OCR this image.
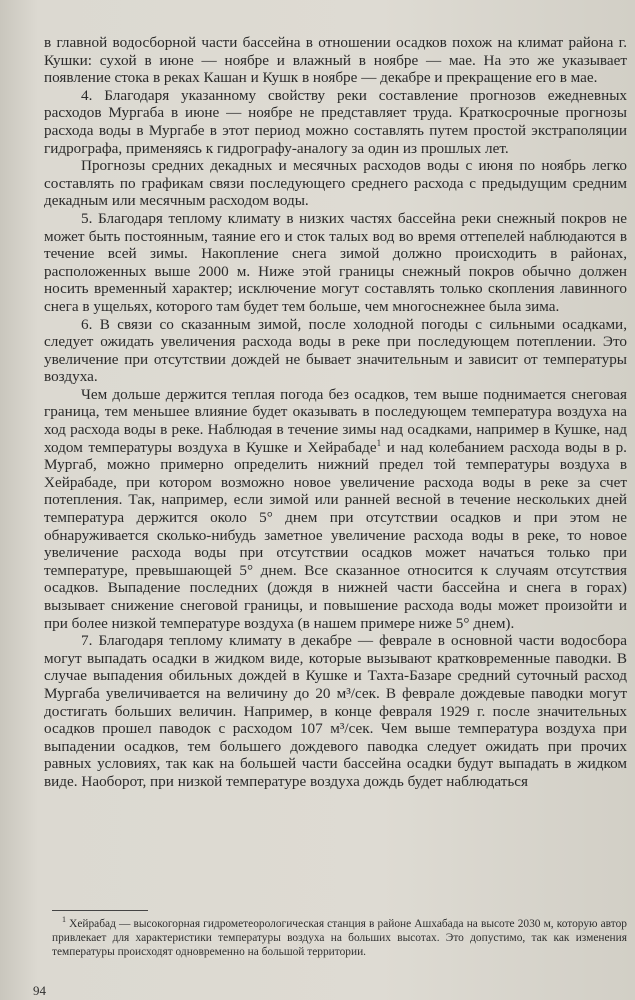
в главной водосборной части бассейна в отношении осадков похож на климат района г. Кушки: сухой в июне — ноябре и влажный в ноябре — мае. На это же указывает появление стока в реках Кашан и Кушк в ноябре — декабре и прекращение его в мае.

4. Благодаря указанному свойству реки составление прогнозов ежедневных расходов Мургаба в июне — ноябре не представляет труда. Краткосрочные прогнозы расхода воды в Мургабе в этот период можно составлять путем простой экстраполяции гидрографа, применяясь к гидрографу-аналогу за один из прошлых лет.

Прогнозы средних декадных и месячных расходов воды с июня по ноябрь легко составлять по графикам связи последующего среднего расхода с предыдущим средним декадным или месячным расходом воды.

5. Благодаря теплому климату в низких частях бассейна реки снежный покров не может быть постоянным, таяние его и сток талых вод во время оттепелей наблюдаются в течение всей зимы. Накопление снега зимой должно происходить в районах, расположенных выше 2000 м. Ниже этой границы снежный покров обычно должен носить временный характер; исключение могут составлять только скопления лавинного снега в ущельях, которого там будет тем больше, чем многоснежнее была зима.

6. В связи со сказанным зимой, после холодной погоды с сильными осадками, следует ожидать увеличения расхода воды в реке при последующем потеплении. Это увеличение при отсутствии дождей не бывает значительным и зависит от температуры воздуха.

Чем дольше держится теплая погода без осадков, тем выше поднимается снеговая граница, тем меньшее влияние будет оказывать в последующем температура воздуха на ход расхода воды в реке. Наблюдая в течение зимы над осадками, например в Кушке, над ходом температуры воздуха в Кушке и Хейрабаде$^1$ и над колебанием расхода воды в р. Мургаб, можно примерно определить нижний предел той температуры воздуха в Хейрабаде, при котором возможно новое увеличение расхода воды в реке за счет потепления. Так, например, если зимой или ранней весной в течение нескольких дней температура держится около 5° днем при отсутствии осадков и при этом не обнаруживается сколько-нибудь заметное увеличение расхода воды в реке, то новое увеличение расхода воды при отсутствии осадков может начаться только при температуре, превышающей 5° днем. Все сказанное относится к случаям отсутствия осадков. Выпадение последних (дождя в нижней части бассейна и снега в горах) вызывает снижение снеговой границы, и повышение расхода воды может произойти и при более низкой температуре воздуха (в нашем примере ниже 5° днем).

7. Благодаря теплому климату в декабре — феврале в основной части водосбора могут выпадать осадки в жидком виде, которые вызывают кратковременные паводки. В случае выпадения обильных дождей в Кушке и Тахта-Базаре средний суточный расход Мургаба увеличивается на величину до 20 м³/сек. В феврале дождевые паводки могут достигать больших величин. Например, в конце февраля 1929 г. после значительных осадков прошел паводок с расходом 107 м³/сек. Чем выше температура воздуха при выпадении осадков, тем большего дождевого паводка следует ожидать при прочих равных условиях, так как на большей части бассейна осадки будут выпадать в жидком виде. Наоборот, при низкой температуре воздуха дождь будет наблюдаться

$^1$ Хейрабад — высокогорная гидрометеорологическая станция в районе Ашхабада на высоте 2030 м, которую автор привлекает для характеристики температуры воздуха на больших высотах. Это допустимо, так как изменения температуры происходят одновременно на большой территории.
94
